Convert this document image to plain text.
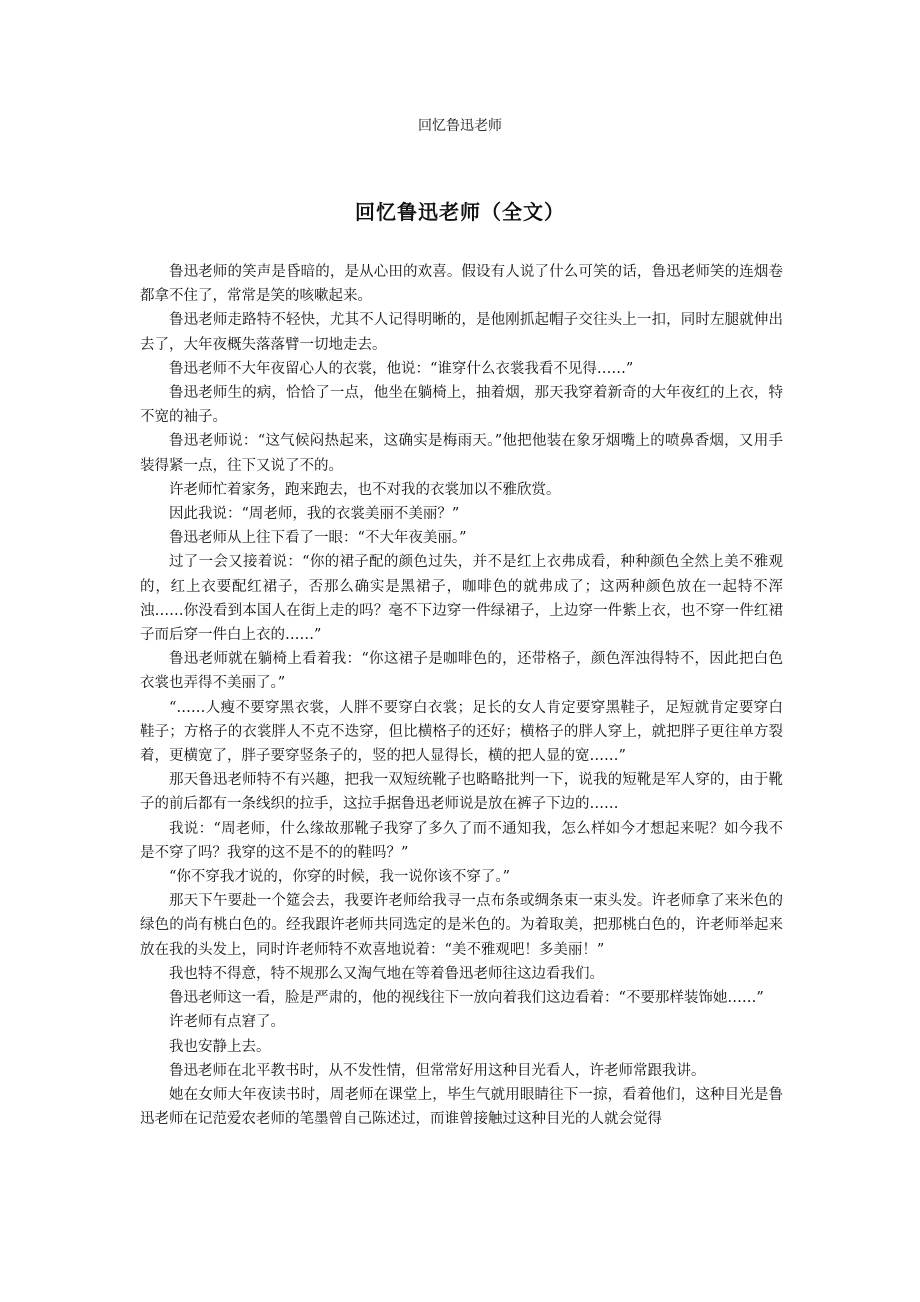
回忆鲁迅老师
回忆鲁迅老师（全文）

鲁迅老师的笑声是昏暗的，是从心田的欢喜。假设有人说了什么可笑的话，鲁迅老师笑的连烟卷都拿不住了，常常是笑的咳嗽起来。

鲁迅老师走路特不轻快，尤其不人记得明晰的，是他刚抓起帽子交往头上一扣，同时左腿就伸出去了，大年夜概失落落臂一切地走去。

鲁迅老师不大年夜留心人的衣裳，他说：“谁穿什么衣裳我看不见得……”

鲁迅老师生的病，恰恰了一点，他坐在躺椅上，抽着烟，那天我穿着新奇的大年夜红的上衣，特不宽的袖子。

鲁迅老师说：“这气候闷热起来，这确实是梅雨天。”他把他装在象牙烟嘴上的喷鼻香烟，又用手装得紧一点，往下又说了不的。

许老师忙着家务，跑来跑去，也不对我的衣裳加以不雅欣赏。

因此我说：“周老师，我的衣裳美丽不美丽？”

鲁迅老师从上往下看了一眼：“不大年夜美丽。”

过了一会又接着说：“你的裙子配的颜色过失，并不是红上衣弗成看，种种颜色全然上美不雅观的，红上衣要配红裙子，否那么确实是黑裙子，咖啡色的就弗成了；这两种颜色放在一起特不浑浊……你没看到本国人在街上走的吗？毫不下边穿一件绿裙子，上边穿一件紫上衣，也不穿一件红裙子而后穿一件白上衣的……”

鲁迅老师就在躺椅上看着我：“你这裙子是咖啡色的，还带格子，颜色浑浊得特不，因此把白色衣裳也弄得不美丽了。”

“……人瘦不要穿黑衣裳，人胖不要穿白衣裳；足长的女人肯定要穿黑鞋子，足短就肯定要穿白鞋子；方格子的衣裳胖人不克不迭穿，但比横格子的还好；横格子的胖人穿上，就把胖子更往单方裂着，更横宽了，胖子要穿竖条子的，竖的把人显得长，横的把人显的宽……”

那天鲁迅老师特不有兴趣，把我一双短统靴子也略略批判一下，说我的短靴是军人穿的，由于靴子的前后都有一条线织的拉手，这拉手据鲁迅老师说是放在裤子下边的……

我说：“周老师，什么缘故那靴子我穿了多久了而不通知我，怎么样如今才想起来呢？如今我不是不穿了吗？我穿的这不是不的的鞋吗？”

“你不穿我才说的，你穿的时候，我一说你该不穿了。”

那天下午要赴一个筵会去，我要许老师给我寻一点布条或绸条束一束头发。许老师拿了来米色的绿色的尚有桃白色的。经我跟许老师共同选定的是米色的。为着取美，把那桃白色的，许老师举起来放在我的头发上，同时许老师特不欢喜地说着：“美不雅观吧！多美丽！”

我也特不得意，特不规那么又淘气地在等着鲁迅老师往这边看我们。

鲁迅老师这一看，脸是严肃的，他的视线往下一放向着我们这边看着：“不要那样装饰她……”

许老师有点窘了。

我也安静上去。

鲁迅老师在北平教书时，从不发性情，但常常好用这种目光看人，许老师常跟我讲。

她在女师大年夜读书时，周老师在课堂上，毕生气就用眼睛往下一掠，看着他们，这种目光是鲁迅老师在记范爱农老师的笔墨曾自己陈述过，而谁曾接触过这种目光的人就会觉得
